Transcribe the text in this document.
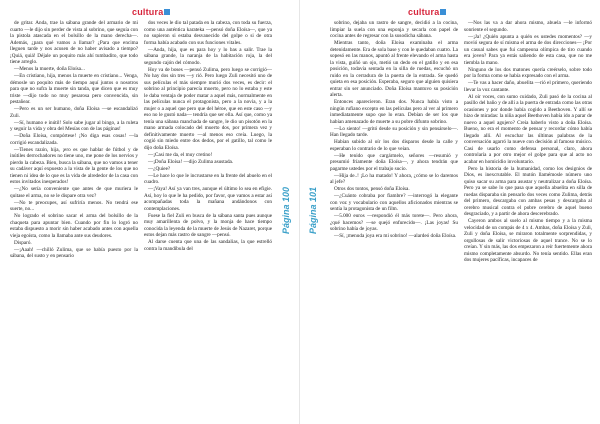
cultura

de gritar. Anda, trae la sábana grande del armario de mi cuarto —le dijo sin perder de vista al sobrino, que seguía con la pistola atascada en el bolsillo de la mano derecha—. Además, ¿para qué vamos a llamar? ¿Para que encima lleguen tarde y nos acusen de no haber avisado a tiempo? ¡Quiá, quiá! Déjale un poquito más ahí tumbadito, que todo tiene arreglo.

—Menos la muerte, doña Eloísa...

—En cristiano, hija, menos la muerte en cristiano... Venga, démosle un poquito más de tiempo aquí juntos o nosotros para que no sufra la muerte sin tanda, que dicen que es muy triste —dijo todo no muy pesarosa pero convencida, sin pestañear.

—Pero es un ser humano, doña Eloísa —se escandalizó Zuli.

—Sí, humano e inútil! Solo sabe jugar al bingo, a la ruleta y seguir la vida y obra del Mesías con de las páginas!

—Doña Eloísa, compórtese! ¡No diga esas cosas! —la corrigió escandalizada.

—Tienes razón, hija, ¡ero es que hablar de fútbol y de inútiles derrochadores no tiene uno, me pone de los nervios y pierdo la cabeza. Bien, busca la sábana, que no vamos a tener su cadáver aquí expuesto a la vista de la gente de los que no tienen ni idea de lo que es la vida de alrededor de la casa con estos invitados inesperados!

—¿No sería conveniente que antes de que muriera le quitase el arma, no se le dispare otra vez?

—No te preocupes, así sufriría menos. No tendrá ese suerte, no...

No logrado el sobrino sacar el arma del bolsillo de la chaqueta para apuntar bien. Cuando por fin lo logró no estaba dispuesto a morir sin haber acabado antes con aquella vieja egoísta, como la llamaba ante sus deudores.

Disparó.

—¡Aaah! —chilló Zulima, que se había puesto por la sábana, del susto y en pensario

dos veces le dio tal patada en la cabeza, con toda su fuerza, como una auténtica karateka —pensó doña Eloísa—, que ya no supieron si estaba desvanecido del golpe o si de otra forma había acabado con sus funciones vitales.

—Anda, hija, que es para hoy y lo bas a salir. Trae la sábana grande, la naranja de la habitación roja, la del segundo cajón del cómodo.

Hoy va de boses —pensó Zulima, pero luego se corrigió— No hay dos sin tres —y rió. Pero luego Zuli necesitó uno de sus películas el más siempre murió dos veces, es decir: el sobrino al principio parecía muerto, pero no lo estaba y este le daba ventaja de poder matar a aquel más, normalmente en las películas nunca el protagonista, pero a la novia, y a la mujer o a aquel que pero que del héroe, que en este caso —y eso no le gustó nada— tendría que ser ella. Así que, como ya tenía una sábana manchada de sangre, le dio un pisotón en la mano armada colocado del muerto dos, por primera vez y definitivamente muerto —al menos eso creía. Luego, la cogió sin miedo entre dos dedos, por el gatillo, tal como le dijo doña Eloísa.

—¡Casi me da, el muy cretino!

—¡Doña Eloísa! —dijo Zulima asustada.

—¿Quiee?

—Le hace lo que le incrustarse en la frente del abuelo en el cuadro.

—¡Vaya! Así ya van tres, aunque el último lo sea en efigie. Así, hoy lo que le ha pedido, por favor, que vamos a estar así acompañadas toda la mañana andándonos con contemplaciones.

Fuese la fiel Zuli en busca de la sábana santa pues aunque muy amarillenta de polvo, y la monja de hace tiempo conocida la leyenda de la muerte de Jesús de Nazaret, porque estos dejan más rastro de sangre —pensó.

Al darse cuenta que una de las sandalias, la que estrelló contra la mandíbula del

Página 100
cultura
Página 101

sobrino, dejaba un rastro de sangre, decidió a la cocina, limpiar la suela con una esponja y secarla con papel de cocina antes de regresar con la susodicha sábana.

Mientras tanto, doña Eloísa examinaba el arma detenidamente. Era de sola base y con le quedaban cuatro. La sopesó en las manos, apuntó al frente elevando el arma hasta la vista, guiñó un ojo, metió un dedo en el gatillo y en esa posición, todavía sentada en la silla de ruedas, escuchó un ruido en la cerradura de la puerta de la entrada. Se quedó quieta en esa posición. Esperaba, seguro que alguien quisiera entrar sin ser anunciado. Doña Eloísa mantuvo su posición alerta.

Entonces aparecieron. Eran dos. Nunca había visto a ningún rufiano excepto en las películas pero al ver al primero inmediatamente supo que lo eran. Debían de ser los que habían amenazado de muerte a su pobre difunto sobrino.

—Lo siento! —gritó desde su posición y sin pensárselo—. Han llegado tarde.

Habían subido al oír los dos disparos desde la calle y esperaban lo contrario de lo que veían.

—He tenido que cargármelo, señores —resumió y presumió fríamente doña Eloísa—, y ahora tendrán que pagarme ustedes por el trabajo sucio.

—Hija de..! ¡Lo ha matado! Y ahora, ¿cómo se lo daremos al jefe?

Otros dos tontos, pensó doña Eloísa.

—¿Cuánto cobraba por fiambre? —interrogó la elegante con voz y vocabulario con aquellos aficionados mientras se sentía la protagonista de un film.

—5.000 euros —respondió él más torete—. Pero ahora, ¿qué hacemos? —se quejó enfurecido—. ¡Las joyas! Su sobrino había de joyas.

—Sí, ¡menuda joya era mi sobrino! —alardeó doña Eloísa.

—Nos las va a dar ahora mismo, abuela —le informó sonriente el segundo.

—¡Ja! ¿Quién apunta a quién es ustedes momentos? —y movió segura de sí misma el arma de dos direcciones— ¡Por un casual sabes que fui campeona olímpica de tiro cuando era joven? Para ya estás saliendo de esta casa, que no me tiembla la mano.

Ninguno de los dos matones quería creérselo, sobre todo por la forma como se había expresado con el arma.

—Te vas a hacer daño, abuelita —rió el primero, queriendo llevar la voz cantante.

Al oír voces, con sumo cuidado, Zuli pasó de la cocina al pasillo del baño y de allí a la puerta de entrada como las otras ocasiones y por donde había cogido a Beethoven. Y allí se hizo de miradas: la niña aquel Beethoven había ido a parar de nuevo a aquel agujero? Creía haberlo visto a doña Eloísa. Bueno, no era el momento de pensar y recordar cómo había llegado allí. Al escuchar las últimas palabras de la conversación agarró la nueve con decisión al famoso músico. Casi de usarlo como defensa personal, claro, ahora controlaría a por otro mejor el golpe para que al acto no acabar en homicidio involuntario.

Pero la historia de la humanidad, como los designios de Dios, es inexcrutable. El mutón llamémosle número uno quiso sacar su arma para asustar y neutralizar a doña Eloísa. Pero ya se sabe lo que pasa que aquella abuelita en silla de ruedas disparaba sin pensarlo dos veces como Zulima, detrás del primero, descargaba con ambas pesas y descargaba al cerebro musical contra el pobre cerebro de aquel bueno desgraciado, y a partir de ahora descerebrado.

Cayeron ambos al suelo al mismo tiempo y a la misma velocidad de un compás de 4 x 4. Ambas, doña Eloísa y Zuli, Zuli y doña Eloísa, se miraron totalmente sorprendidas, y orgullosas de salir victoriosas de aquel trance. No se lo creían. Y sin más, las dos empezaron a reír fuertemente ahora mismo completamente absurdo. No tenía sentido. Ellas eran dos mujeres pacíficas, incapaces de
